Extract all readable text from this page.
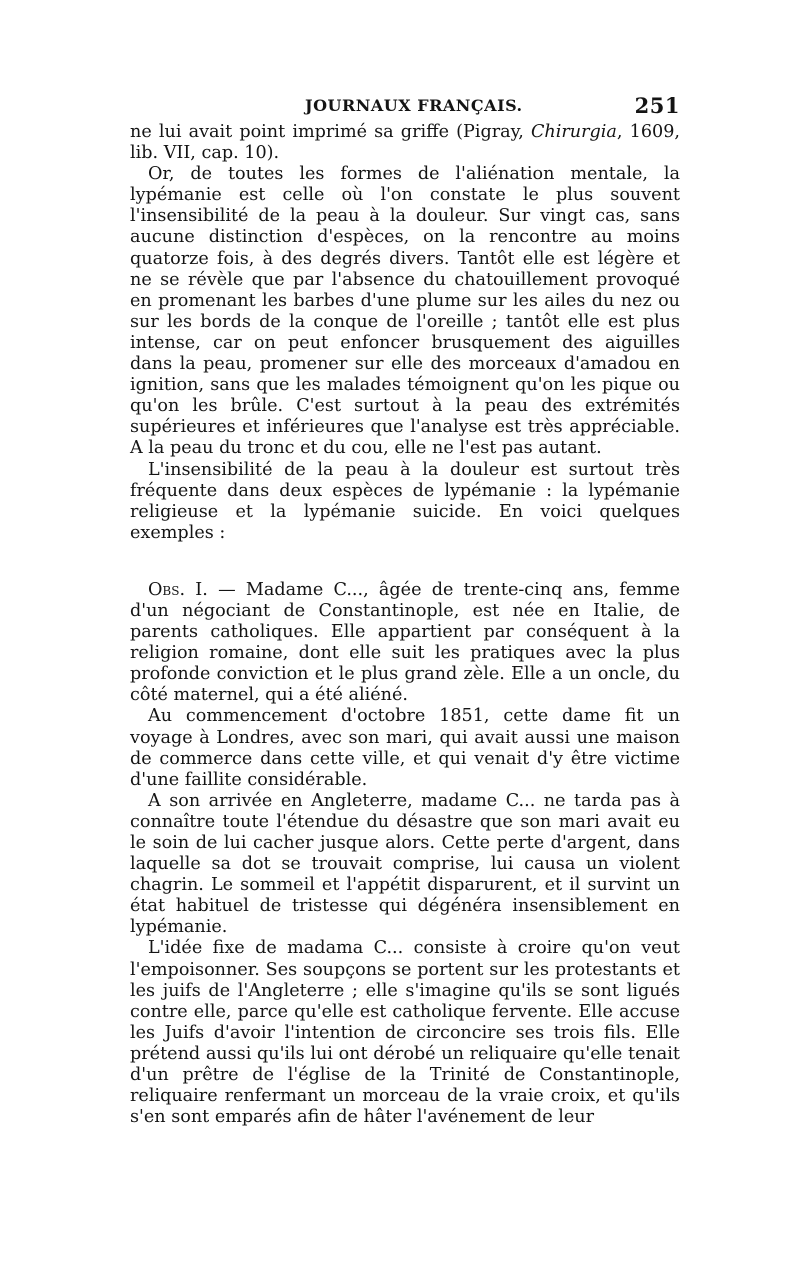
JOURNAUX FRANÇAIS.	251

ne lui avait point imprimé sa griffe (Pigray, Chirurgia, 1609, lib. VII, cap. 10).

Or, de toutes les formes de l'aliénation mentale, la lypémanie est celle où l'on constate le plus souvent l'insensibilité de la peau à la douleur. Sur vingt cas, sans aucune distinction d'espèces, on la rencontre au moins quatorze fois, à des degrés divers. Tantôt elle est légère et ne se révèle que par l'absence du chatouillement provoqué en promenant les barbes d'une plume sur les ailes du nez ou sur les bords de la conque de l'oreille ; tantôt elle est plus intense, car on peut enfoncer brusquement des aiguilles dans la peau, promener sur elle des morceaux d'amadou en ignition, sans que les malades témoignent qu'on les pique ou qu'on les brûle. C'est surtout à la peau des extrémités supérieures et inférieures que l'analyse est très appréciable. A la peau du tronc et du cou, elle ne l'est pas autant.

L'insensibilité de la peau à la douleur est surtout très fréquente dans deux espèces de lypémanie : la lypémanie religieuse et la lypémanie suicide. En voici quelques exemples :

Obs. I. — Madame C..., âgée de trente-cinq ans, femme d'un négociant de Constantinople, est née en Italie, de parents catholiques. Elle appartient par conséquent à la religion romaine, dont elle suit les pratiques avec la plus profonde conviction et le plus grand zèle. Elle a un oncle, du côté maternel, qui a été aliéné.

Au commencement d'octobre 1851, cette dame fit un voyage à Londres, avec son mari, qui avait aussi une maison de commerce dans cette ville, et qui venait d'y être victime d'une faillite considérable.

A son arrivée en Angleterre, madame C... ne tarda pas à connaître toute l'étendue du désastre que son mari avait eu le soin de lui cacher jusque alors. Cette perte d'argent, dans laquelle sa dot se trouvait comprise, lui causa un violent chagrin. Le sommeil et l'appétit disparurent, et il survint un état habituel de tristesse qui dégénéra insensiblement en lypémanie.

L'idée fixe de madama C... consiste à croire qu'on veut l'empoisonner. Ses soupçons se portent sur les protestants et les juifs de l'Angleterre ; elle s'imagine qu'ils se sont ligués contre elle, parce qu'elle est catholique fervente. Elle accuse les Juifs d'avoir l'intention de circoncire ses trois fils. Elle prétend aussi qu'ils lui ont dérobé un reliquaire qu'elle tenait d'un prêtre de l'église de la Trinité de Constantinople, reliquaire renfermant un morceau de la vraie croix, et qu'ils s'en sont emparés afin de hâter l'avénement de leur
